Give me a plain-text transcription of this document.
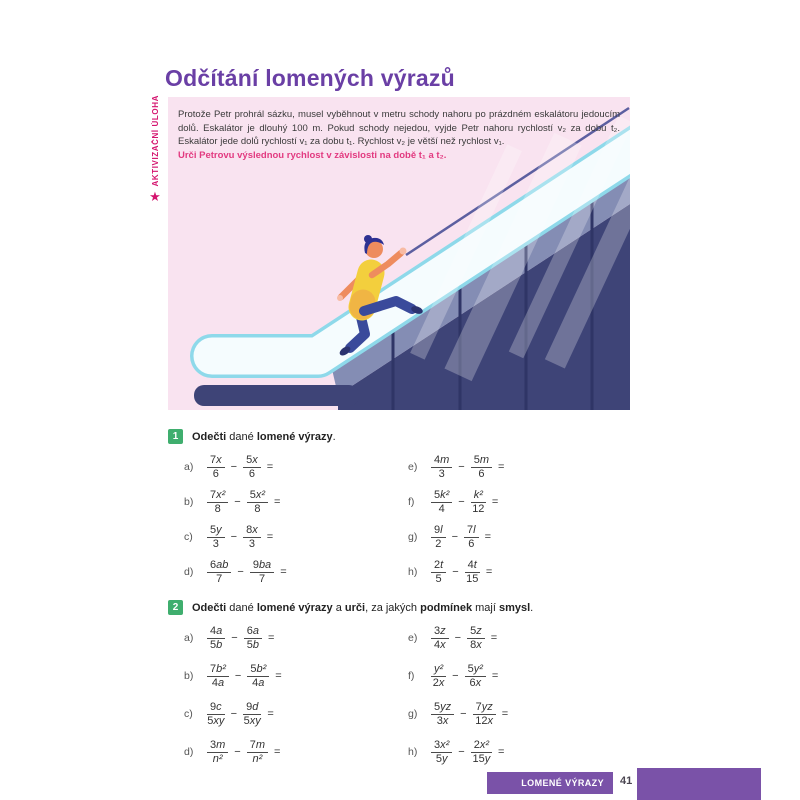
Odčítání lomených výrazů
AKTIVIZAČNÍ ÚLOHA
★
Protože Petr prohrál sázku, musel vyběhnout v metru schody nahoru po prázdném eskalátoru jedoucím dolů. Eskalátor je dlouhý 100 m. Pokud schody nejedou, vyjde Petr nahoru rychlostí v₂ za dobu t₂. Eskalátor jede dolů rychlostí v₁ za dobu t₁. Rychlost v₂ je větší než rychlost v₁.
Urči Petrovu výslednou rychlost v závislosti na době t₁ a t₂.
1	Odečti dané lomené výrazy.
a)	$\frac{7x}{6} - \frac{5x}{6}$ =	e)	$\frac{4m}{3} - \frac{5m}{6}$ =
b)	$\frac{\text{7x²}}{8} - \frac{\text{5x²}}{8}$ =	f)	$\frac{\text{5k²}}{4} - \frac{\text{k²}}{12}$ =
c)	$\frac{5y}{3} - \frac{8x}{3}$ =	g)	$\frac{9l}{2} - \frac{7l}{6}$ =
d)	$\frac{6ab}{7} - \frac{9ba}{7}$ =	h)	$\frac{2t}{5} - \frac{4t}{15}$ =
2	Odečti dané lomené výrazy a urči, za jakých podmínek mají smysl.
a)	$\frac{4a}{5b} - \frac{6a}{5b}$ =	e)	$\frac{3z}{4x} - \frac{5z}{8x}$ =
b)	$\frac{\text{7b²}}{4a} - \frac{\text{5b²}}{4a}$ =	f)	$\frac{\text{y²}}{2x} - \frac{\text{5y²}}{6x}$ =
c)	$\frac{9c}{5xy} - \frac{9d}{5xy}$ =	g)	$\frac{5yz}{3x} - \frac{7yz}{12x}$ =
d)	$\frac{3m}{\text{n²}} - \frac{7m}{\text{n²}}$ =	h)	$\frac{\text{3x²}}{5y} - \frac{\text{2x²}}{15y}$ =
LOMENÉ VÝRAZY	41
